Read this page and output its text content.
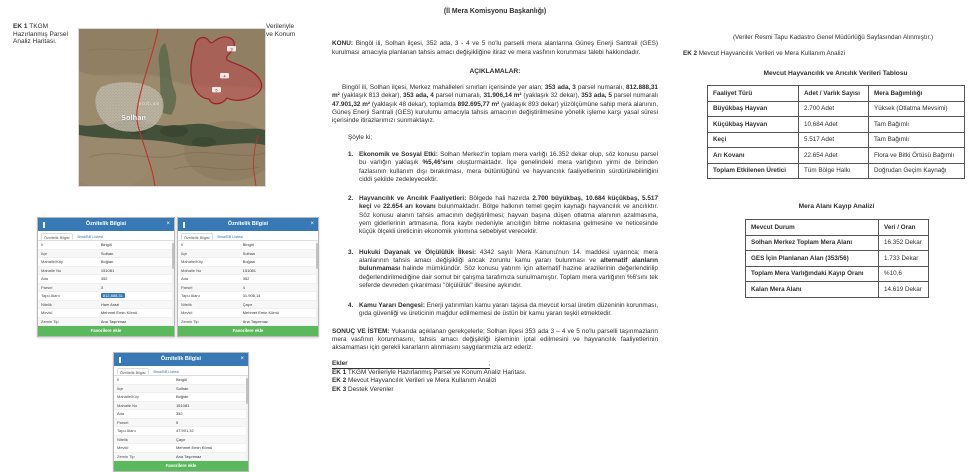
EK 1 TKGM
Hazırlanmış Parsel
Analiz Haritası.
Verileriyle
ve Konum
3
4
5
BOĞLAN
Solhan
Öznitelik Bilgisi	×
Öznitelik Bilgisi	Bina/BB Listesi
İl	Bingöl
İlçe	Solhan
Mahalle/Köy	Boğlan
Mahalle No	151081
Ada	352
Parsel	3
Tapu Alanı	812.888,31
Nitelik	Ham Arazi
Mevkii	Mehmet Emin Kömü
Zemin Tip	Ana Taşınmaz
Favorilere ekle
Öznitelik Bilgisi	×
Öznitelik Bilgisi	Bina/BB Listesi
İl	Bingöl
İlçe	Solhan
Mahalle/Köy	Boğlan
Mahalle No	151081
Ada	352
Parsel	4
Tapu Alanı	31.906,14
Nitelik	Çayır
Mevkii	Mehmet Emin Kömü
Zemin Tip	Ana Taşınmaz
Favorilere ekle
Öznitelik Bilgisi	×
Öznitelik Bilgisi	Bina/BB Listesi
İl	Bingöl
İlçe	Solhan
Mahalle/Köy	Boğlan
Mahalle No	151081
Ada	352
Parsel	5
Tapu Alanı	47.901,32
Nitelik	Çayır
Mevkii	Mehmet Emin Kömü
Zemin Tip	Ana Taşınmaz
Favorilere ekle
(İl Mera Komisyonu Başkanlığı)
KONU: Bingöl ili, Solhan ilçesi, 352 ada, 3 - 4 ve 5 no'lu parselli mera alanlarına Güneş Enerji Santrali (GES) kurulması amacıyla planlanan tahsis amacı değişikliğine itiraz ve mera vasfının korunması talebi hakkındadır.
AÇIKLAMALAR:
Bingöl ili, Solhan ilçesi, Merkez mahalleleri sınırları içerisinde yer alan; 353 ada, 3 parsel numaralı, 812.888,31 m² (yaklaşık 813 dekar), 353 ada, 4 parsel numaralı, 31.906,14 m² (yaklaşık 32 dekar), 353 ada, 5 parsel numaralı 47.901,32 m² (yaklaşık 48 dekar), toplamda 892.695,77 m² (yaklaşık 893 dekar) yüzölçümüne sahip mera alanının, Güneş Enerji Santrali (GES) kurulumu amacıyla tahsis amacının değiştirilmesine yönelik işleme karşı yasal süresi içerisinde itirazlarımızı sunmaktayız.
Şöyle ki;
1. Ekonomik ve Sosyal Etki: Solhan Merkez'in toplam mera varlığı 16.352 dekar olup, söz konusu parsel bu varlığın yaklaşık %5,46'sını oluşturmaktadır. İlçe genelindeki mera varlığının yirmi de birinden fazlasının kullanım dışı bırakılması, mera bütünlüğünü ve hayvancılık faaliyetlerinin sürdürülebilirliğini ciddi şekilde zedeleyecektir.
2. Hayvancılık ve Arıcılık Faaliyetleri: Bölgede hali hazırda 2.700 büyükbaş, 10.684 küçükbaş, 5.517 keçi ve 22.654 arı kovanı bulunmaktadır. Bölge halkının temel geçim kaynağı hayvancılık ve arıcılıktır. Söz konusu alanın tahsis amacının değiştirilmesi; hayvan başına düşen otlatma alanının azalmasına, yem giderlerinin artmasına, flora kaybı nedeniyle arıcılığın bitme noktasına gelmesine ve neticesinde küçük ölçekli üreticinin ekonomik yıkımına sebebiyet verecektir.
3. Hukuki Dayanak ve Ölçülülük İlkesi: 4342 sayılı Mera Kanunu'nun 14. maddesi uyarınca; mera alanlarının tahsis amacı değişikliği ancak zorunlu kamu yararı bulunması ve alternatif alanların bulunmaması halinde mümkündür. Söz konusu yatırım için alternatif hazine arazilerinin değerlendirilip değerlendirilmediğine dair somut bir çalışma tarafımıza sunulmamıştır. Toplam mera varlığının %6'sını tek seferde devreden çıkarılması "ölçülülük" ilkesine aykırıdır.
4. Kamu Yararı Dengesi: Enerji yatırımları kamu yararı taşısa da mevcut kırsal üretim düzeninin korunması, gıda güvenliği ve üreticinin mağdur edilmemesi de üstün bir kamu yararı teşkil etmektedir.
SONUÇ VE İSTEM: Yukarıda açıklanan gerekçelerle; Solhan ilçesi 353 ada 3 – 4 ve 5 no'lu parselli taşınmazların mera vasfının korunmasını, tahsis amacı değişikliği işleminin iptal edilmesini ve hayvancılık faaliyetlerinin aksamaması için gerekli kararların alınmasını saygılarımızla arz ederiz.
Ekler	;
EK 1 TKGM Verileriyle Hazırlanmış Parsel ve Konum Analiz Haritası.
EK 2 Mevcut Hayvancılık Verileri ve Mera Kullanım Analizi
EK 3 Destek Verenler
(Veriler Resmi Tapu Kadastro Genel Müdürlüğü Sayfasından Alınmıştır.)
EK 2 Mevcut Hayvancılık Verileri ve Mera Kullanım Analizi
Mevcut Hayvancılık ve Arıcılık Verileri Tablosu
Faaliyet Türü	Adet / Varlık Sayısı	Mera Bağımlılığı
Büyükbaş Hayvan	2.700 Adet	Yüksek (Otlatma Mevsimi)
Küçükbaş Hayvan	10.684 Adet	Tam Bağımlı
Keçi	5.517 Adet	Tam Bağımlı
Arı Kovanı	22.654 Adet	Flora ve Bitki Örtüsü Bağımlı
Toplam Etkilenen Üretici	Tüm Bölge Halkı	Doğrudan Geçim Kaynağı
Mera Alanı Kayıp Analizi
Mevcut Durum	Veri / Oran
Solhan Merkez Toplam Mera Alanı	16.352 Dekar
GES İçin Planlanan Alan (353/56)	1.733 Dekar
Toplam Mera Varlığındaki Kayıp Oranı	%10,6
Kalan Mera Alanı	14.619 Dekar
